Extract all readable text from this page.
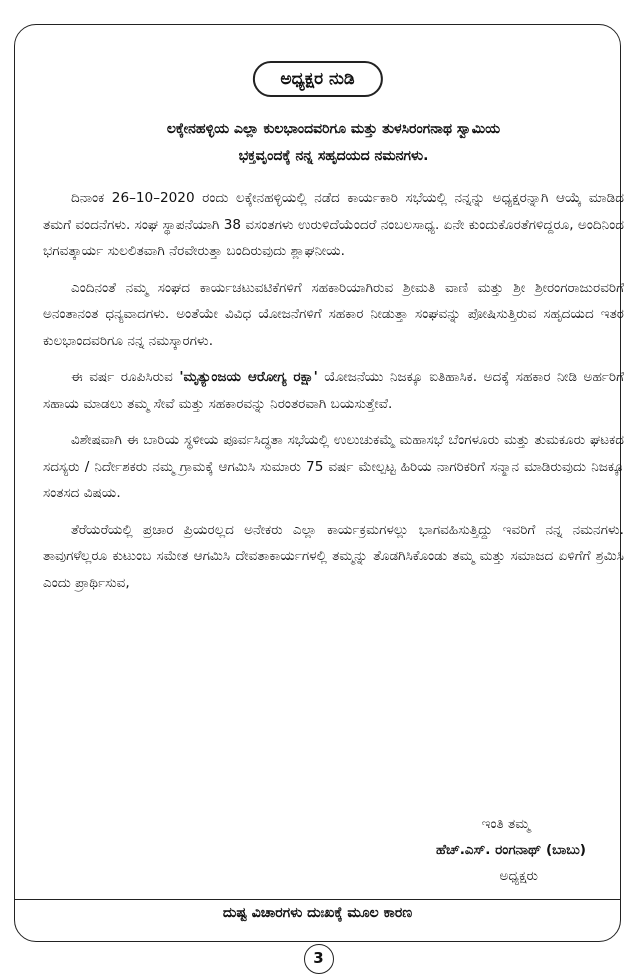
ಅಧ್ಯಕ್ಷರ ನುಡಿ
ಲಕ್ಕೇನಹಳ್ಳಿಯ ಎಲ್ಲಾ ಕುಲಭಾಂದವರಿಗೂ ಮತ್ತು ತುಳಸಿರಂಗನಾಥ ಸ್ವಾಮಿಯ
ಭಕ್ತವೃಂದಕ್ಕೆ ನನ್ನ ಸಹೃದಯದ ನಮನಗಳು.

ದಿನಾಂಕ 26–10–2020 ರಂದು ಲಕ್ಕೇನಹಳ್ಳಿಯಲ್ಲಿ ನಡೆದ ಕಾರ್ಯಕಾರಿ ಸಭೆಯಲ್ಲಿ ನನ್ನನ್ನು ಅಧ್ಯಕ್ಷರನ್ನಾಗಿ ಆಯ್ಕೆ ಮಾಡಿದ ತಮಗೆ ವಂದನೆಗಳು. ಸಂಘ ಸ್ಥಾಪನೆಯಾಗಿ 38 ವಸಂತಗಳು ಉರುಳಿದೆಯೆಂದರೆ ನಂಬಲಸಾಧ್ಯ. ಏನೇ ಕುಂದುಕೊರತೆಗಳಿದ್ದರೂ, ಅಂದಿನಿಂದ ಭಗವತ್ಕಾರ್ಯ ಸುಲಲಿತವಾಗಿ ನೆರವೇರುತ್ತಾ ಬಂದಿರುವುದು ಶ್ಲಾಘನೀಯ.

ಎಂದಿನಂತೆ ನಮ್ಮ ಸಂಘದ ಕಾರ್ಯಚಟುವಟಿಕೆಗಳಿಗೆ ಸಹಕಾರಿಯಾಗಿರುವ ಶ್ರೀಮತಿ ವಾಣಿ ಮತ್ತು ಶ್ರೀ ಶ್ರೀರಂಗರಾಜುರವರಿಗೆ ಅನಂತಾನಂತ ಧನ್ಯವಾದಗಳು. ಅಂತೆಯೇ ವಿವಿಧ ಯೋಜನೆಗಳಿಗೆ ಸಹಕಾರ ನೀಡುತ್ತಾ ಸಂಘವನ್ನು ಪೋಷಿಸುತ್ತಿರುವ ಸಹೃದಯದ ಇತರ ಕುಲಭಾಂದವರಿಗೂ ನನ್ನ ನಮಸ್ಕಾರಗಳು.

ಈ ವರ್ಷ ರೂಪಿಸಿರುವ 'ಮೃತ್ಯುಂಜಯ ಆರೋಗ್ಯ ರಕ್ಷಾ' ಯೋಜನೆಯು ನಿಜಕ್ಕೂ ಐತಿಹಾಸಿಕ. ಅದಕ್ಕೆ ಸಹಕಾರ ನೀಡಿ ಅರ್ಹರಿಗೆ ಸಹಾಯ ಮಾಡಲು ತಮ್ಮ ಸೇವೆ ಮತ್ತು ಸಹಕಾರವನ್ನು ನಿರಂತರವಾಗಿ ಬಯಸುತ್ತೇವೆ.

ವಿಶೇಷವಾಗಿ ಈ ಬಾರಿಯ ಸ್ಥಳೀಯ ಪೂರ್ವಸಿದ್ಧತಾ ಸಭೆಯಲ್ಲಿ ಉಲುಚುಕಮ್ಮೆ ಮಹಾಸಭೆ ಬೆಂಗಳೂರು ಮತ್ತು ತುಮಕೂರು ಘಟಕದ ಸದಸ್ಯರು / ನಿರ್ದೇಶಕರು ನಮ್ಮ ಗ್ರಾಮಕ್ಕೆ ಆಗಮಿಸಿ ಸುಮಾರು 75 ವರ್ಷ ಮೇಲ್ಪಟ್ಟ ಹಿರಿಯ ನಾಗರಿಕರಿಗೆ ಸನ್ಮಾನ ಮಾಡಿರುವುದು ನಿಜಕ್ಕೂ ಸಂತಸದ ವಿಷಯ.

ತೆರೆಯರೆಯಲ್ಲಿ ಪ್ರಚಾರ ಪ್ರಿಯರಲ್ಲದ ಅನೇಕರು ಎಲ್ಲಾ ಕಾರ್ಯಕ್ರಮಗಳಲ್ಲು ಭಾಗವಹಿಸುತ್ತಿದ್ದು ಇವರಿಗೆ ನನ್ನ ನಮನಗಳು. ತಾವುಗಳೆಲ್ಲರೂ ಕುಟುಂಬ ಸಮೇತ ಆಗಮಿಸಿ ದೇವತಾಕಾರ್ಯಗಳಲ್ಲಿ ತಮ್ಮನ್ನು ತೊಡಗಿಸಿಕೊಂಡು ತಮ್ಮ ಮತ್ತು ಸಮಾಜದ ಏಳಿಗೆಗೆ ಶ್ರಮಿಸಿ ಎಂದು ಪ್ರಾರ್ಥಿಸುವ,

ಇಂತಿ ತಮ್ಮ
ಹೆಚ್.ಎಸ್. ರಂಗನಾಥ್ (ಬಾಬು)
ಅಧ್ಯಕ್ಷರು
ದುಷ್ಟ ವಿಚಾರಗಳು ದುಃಖಕ್ಕೆ ಮೂಲ ಕಾರಣ
3
